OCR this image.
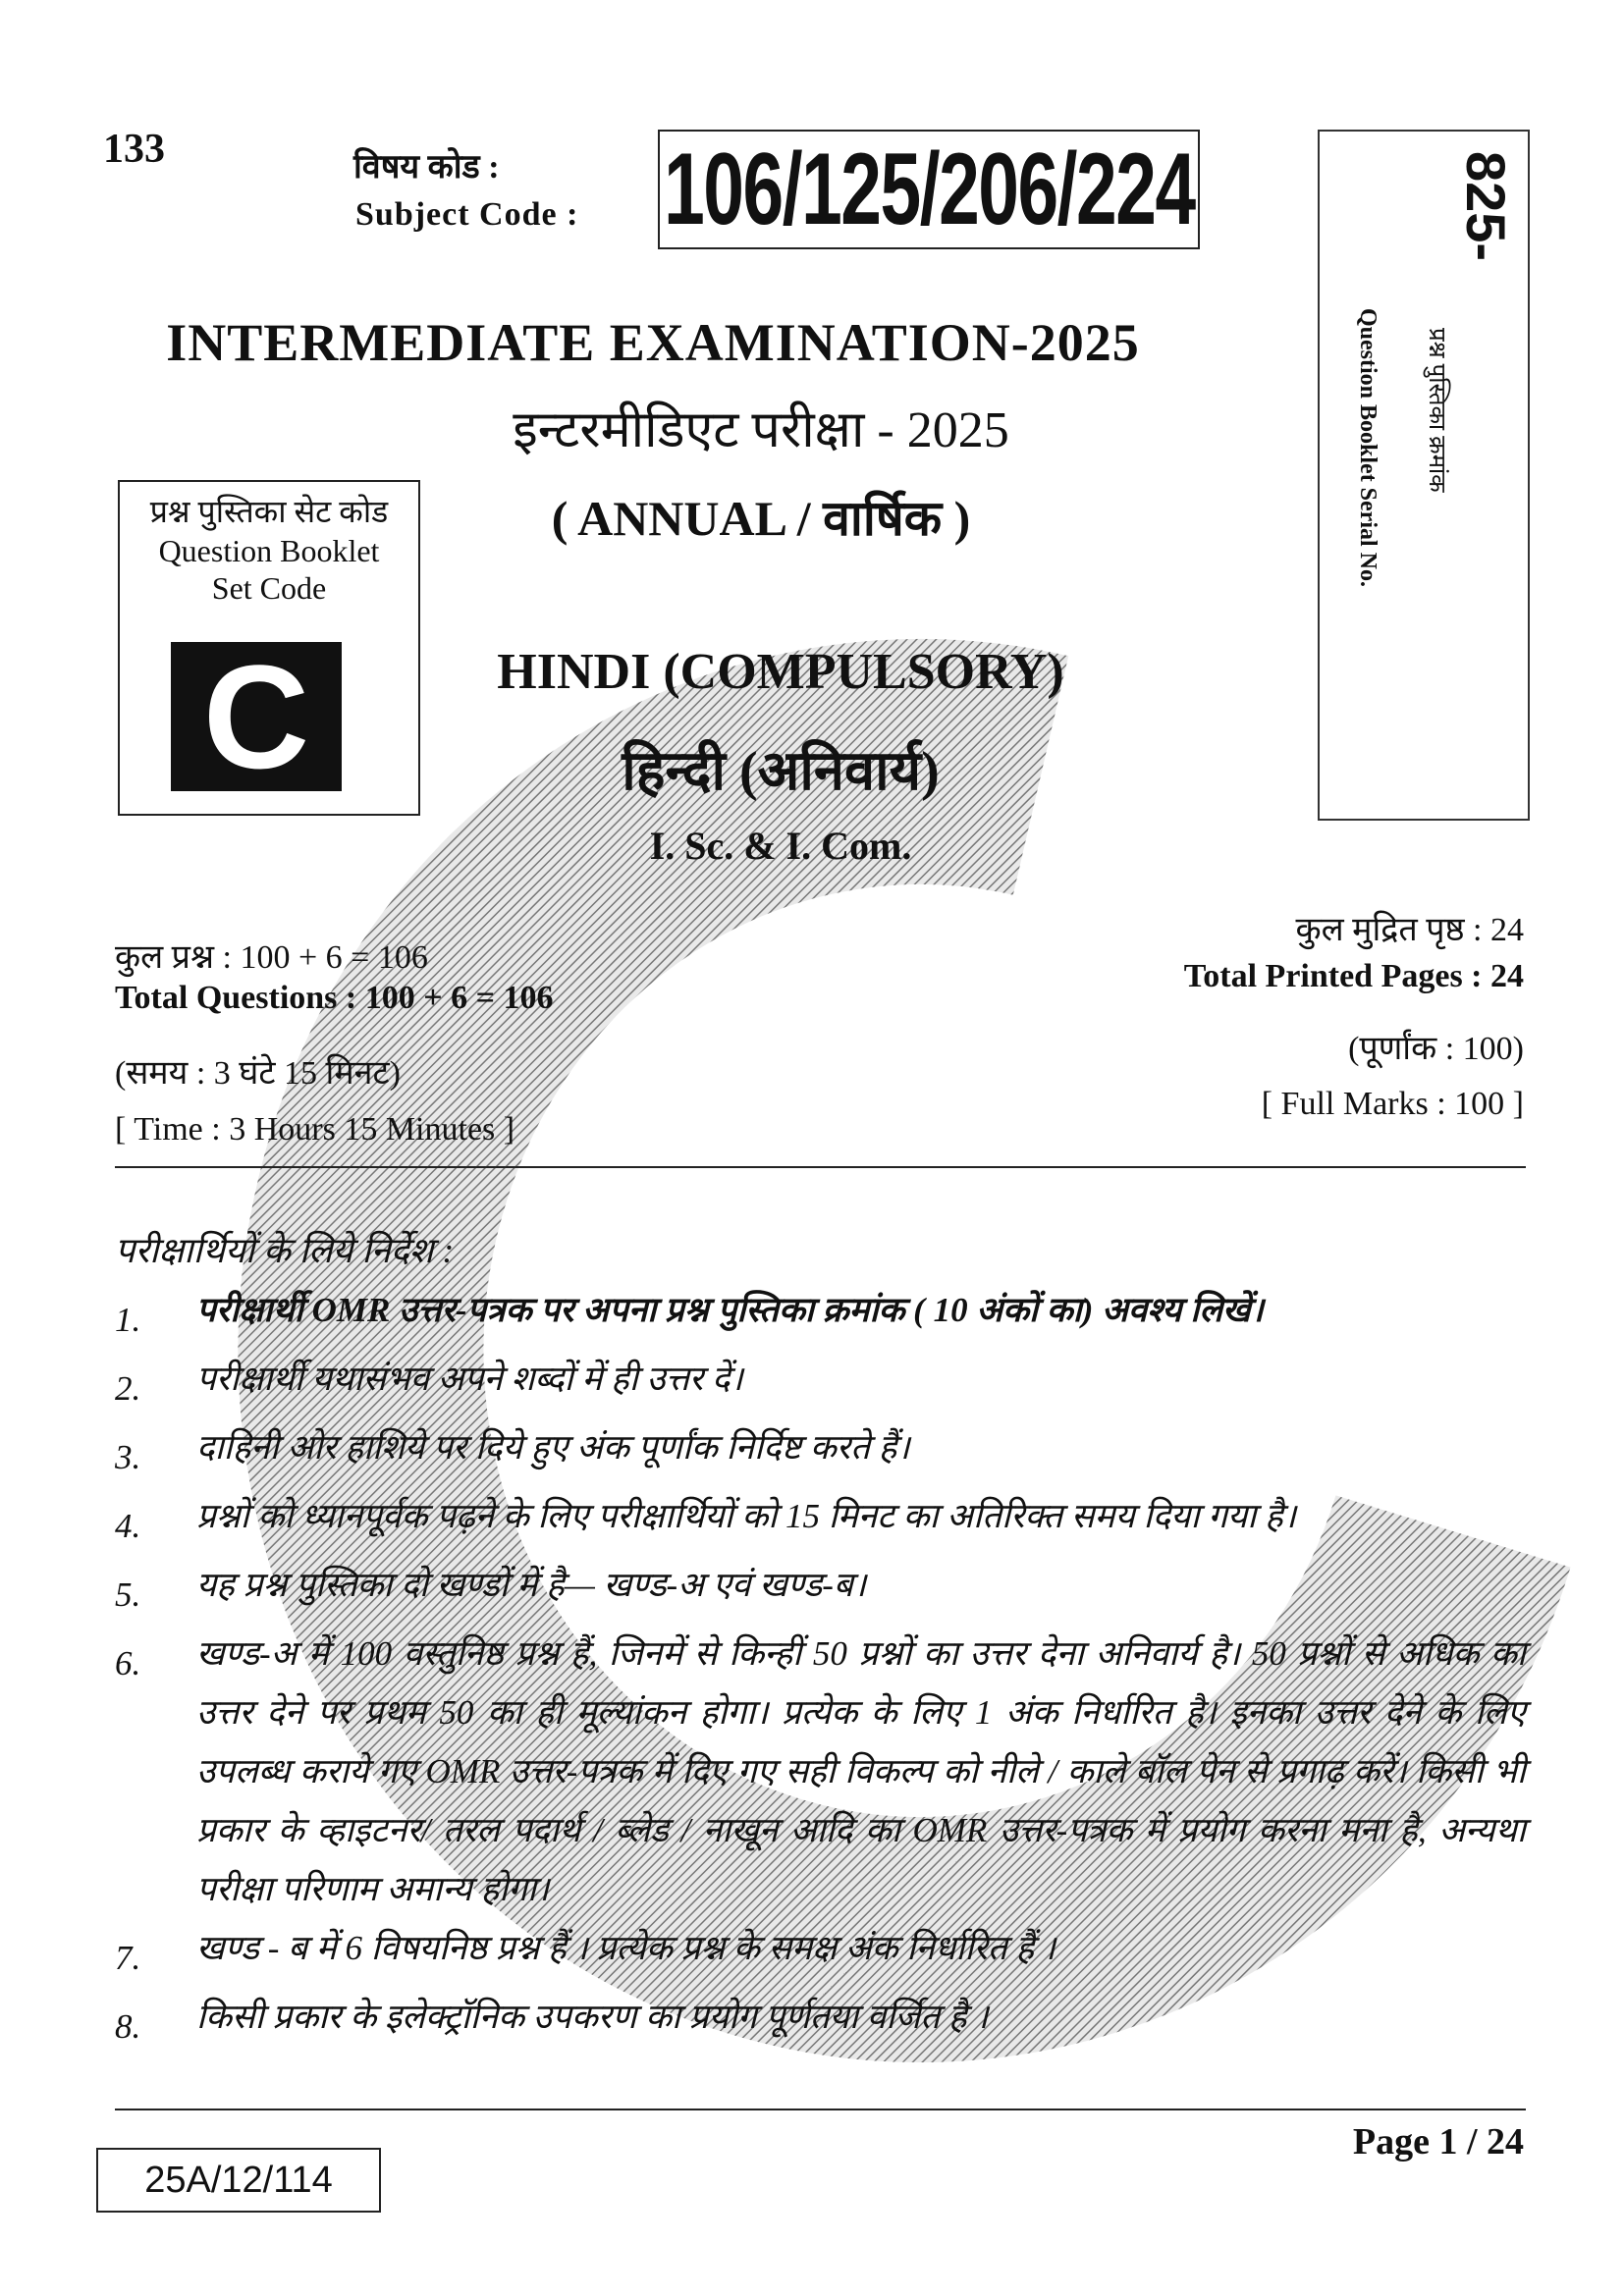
133	विषय कोड :
Subject Code : 106/125/206/224	825-
प्रश्न पुस्तिका क्रमांक
Question Booklet Serial No.
INTERMEDIATE EXAMINATION-2025
इन्टरमीडिएट परीक्षा - 2025
( ANNUAL / वार्षिक )
प्रश्न पुस्तिका सेट कोड
Question Booklet
Set Code
C	HINDI (COMPULSORY)
हिन्दी (अनिवार्य)
I. Sc. & I. Com.
कुल प्रश्न : 100 + 6 = 106
Total Questions : 100 + 6 = 106
(समय : 3 घंटे 15 मिनट)
[ Time : 3 Hours 15 Minutes ]
कुल मुद्रित पृष्ठ : 24
Total Printed Pages : 24
(पूर्णांक : 100)
[ Full Marks : 100 ]
परीक्षार्थियों के लिये निर्देश :
1.	परीक्षार्थी OMR उत्तर-पत्रक पर अपना प्रश्न पुस्तिका क्रमांक ( 10 अंकों का) अवश्य लिखें।
2.	परीक्षार्थी यथासंभव अपने शब्दों में ही उत्तर दें।
3.	दाहिनी ओर हाशिये पर दिये हुए अंक पूर्णांक निर्दिष्ट करते हैं।
4.	प्रश्नों को ध्यानपूर्वक पढ़ने के लिए परीक्षार्थियों को 15 मिनट का अतिरिक्त समय दिया गया है।
5.	यह प्रश्न पुस्तिका दो खण्डों में है— खण्ड-अ एवं खण्ड-ब।
6.	खण्ड-अ में 100 वस्तुनिष्ठ प्रश्न हैं, जिनमें से किन्हीं 50 प्रश्नों का उत्तर देना अनिवार्य है। 50 प्रश्नों से अधिक का उत्तर देने पर प्रथम 50 का ही मूल्यांकन होगा। प्रत्येक के लिए 1 अंक निर्धारित है। इनका उत्तर देने के लिए उपलब्ध कराये गए OMR उत्तर-पत्रक में दिए गए सही विकल्प को नीले / काले बॉल पेन से प्रगाढ़ करें। किसी भी प्रकार के व्हाइटनर/ तरल पदार्थ / ब्लेड / नाखून आदि का OMR उत्तर-पत्रक में प्रयोग करना मना है, अन्यथा परीक्षा परिणाम अमान्य होगा।
7.	खण्ड - ब में 6 विषयनिष्ठ प्रश्न हैं । प्रत्येक प्रश्न के समक्ष अंक निर्धारित हैं ।
8.	किसी प्रकार के इलेक्ट्रॉनिक उपकरण का प्रयोग पूर्णतया वर्जित है ।
Page 1 / 24
25A/12/114
